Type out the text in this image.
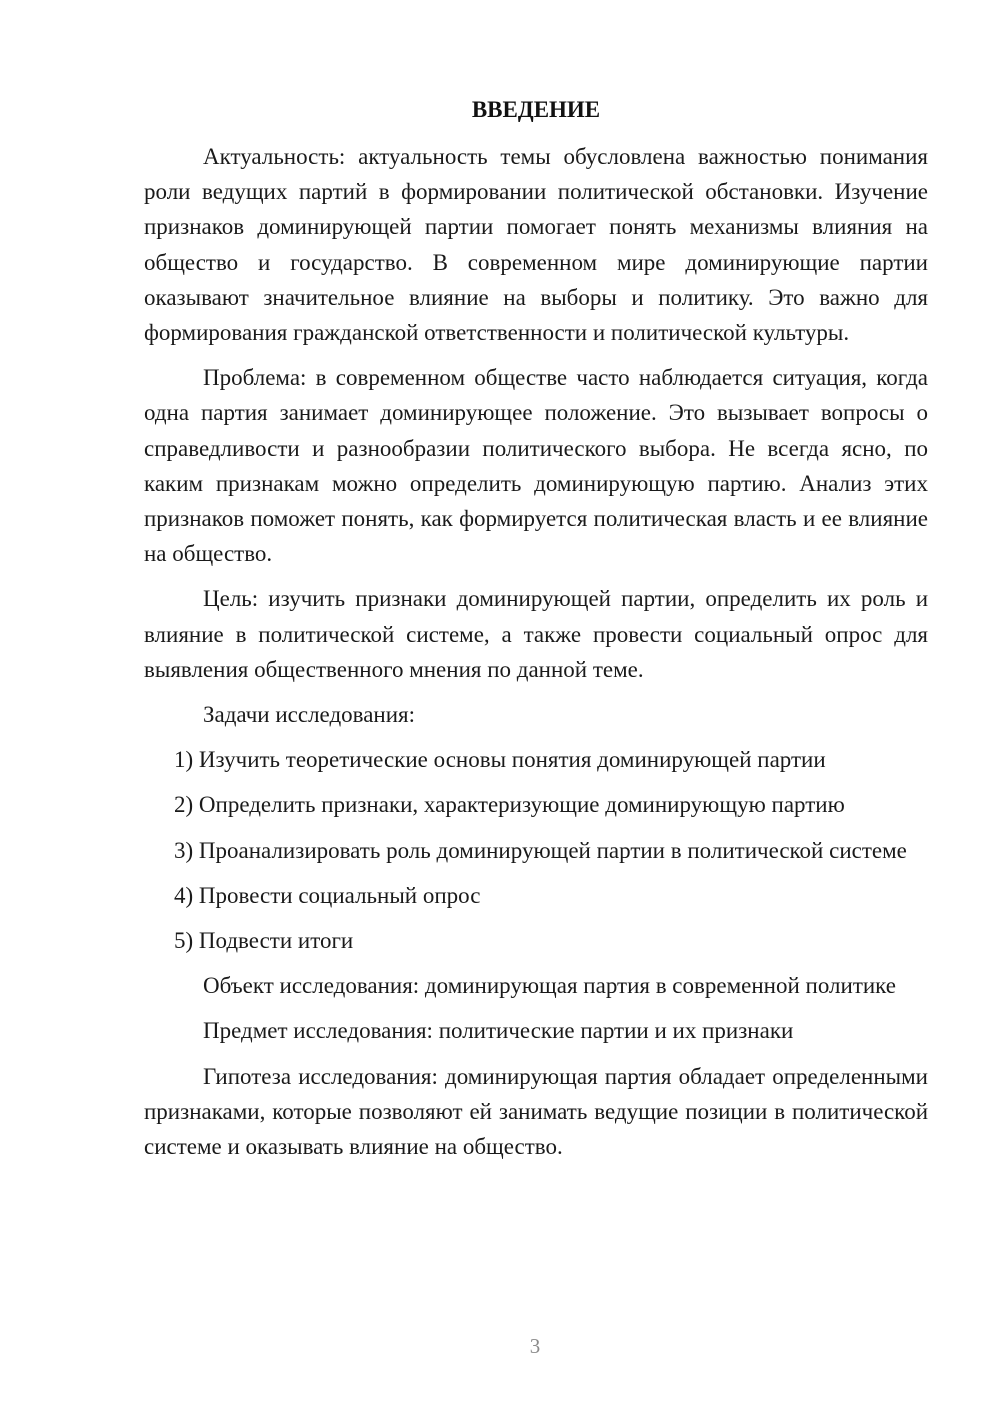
ВВЕДЕНИЕ

Актуальность: актуальность темы обусловлена важностью понимания роли ведущих партий в формировании политической обстановки. Изучение признаков доминирующей партии помогает понять механизмы влияния на общество и государство. В современном мире доминирующие партии оказывают значительное влияние на выборы и политику. Это важно для формирования гражданской ответственности и политической культуры.

Проблема: в современном обществе часто наблюдается ситуация, когда одна партия занимает доминирующее положение. Это вызывает вопросы о справедливости и разнообразии политического выбора. Не всегда ясно, по каким признакам можно определить доминирующую партию. Анализ этих признаков поможет понять, как формируется политическая власть и ее влияние на общество.

Цель: изучить признаки доминирующей партии, определить их роль и влияние в политической системе, а также провести социальный опрос для выявления общественного мнения по данной теме.

Задачи исследования:

1) Изучить теоретические основы понятия доминирующей партии

2) Определить признаки, характеризующие доминирующую партию

3) Проанализировать роль доминирующей партии в политической системе

4) Провести социальный опрос

5) Подвести итоги

Объект исследования: доминирующая партия в современной политике

Предмет исследования: политические партии и их признаки

Гипотеза исследования: доминирующая партия обладает определенными признаками, которые позволяют ей занимать ведущие позиции в политической системе и оказывать влияние на общество.

3
